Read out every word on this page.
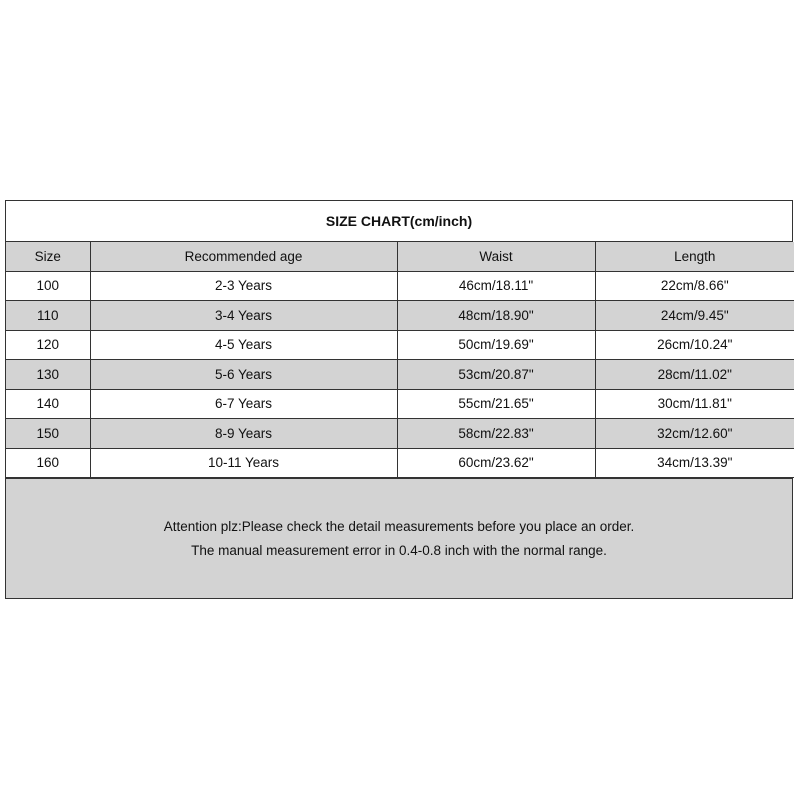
SIZE CHART(cm/inch)
Size	Recommended age	Waist	Length
100	2-3 Years	46cm/18.11"	22cm/8.66"
110	3-4 Years	48cm/18.90"	24cm/9.45"
120	4-5 Years	50cm/19.69"	26cm/10.24"
130	5-6 Years	53cm/20.87"	28cm/11.02"
140	6-7 Years	55cm/21.65"	30cm/11.81"
150	8-9 Years	58cm/22.83"	32cm/12.60"
160	10-11 Years	60cm/23.62"	34cm/13.39"
Attention plz:Please check the detail measurements before you place an order.
The manual measurement error in 0.4-0.8 inch with the normal range.
